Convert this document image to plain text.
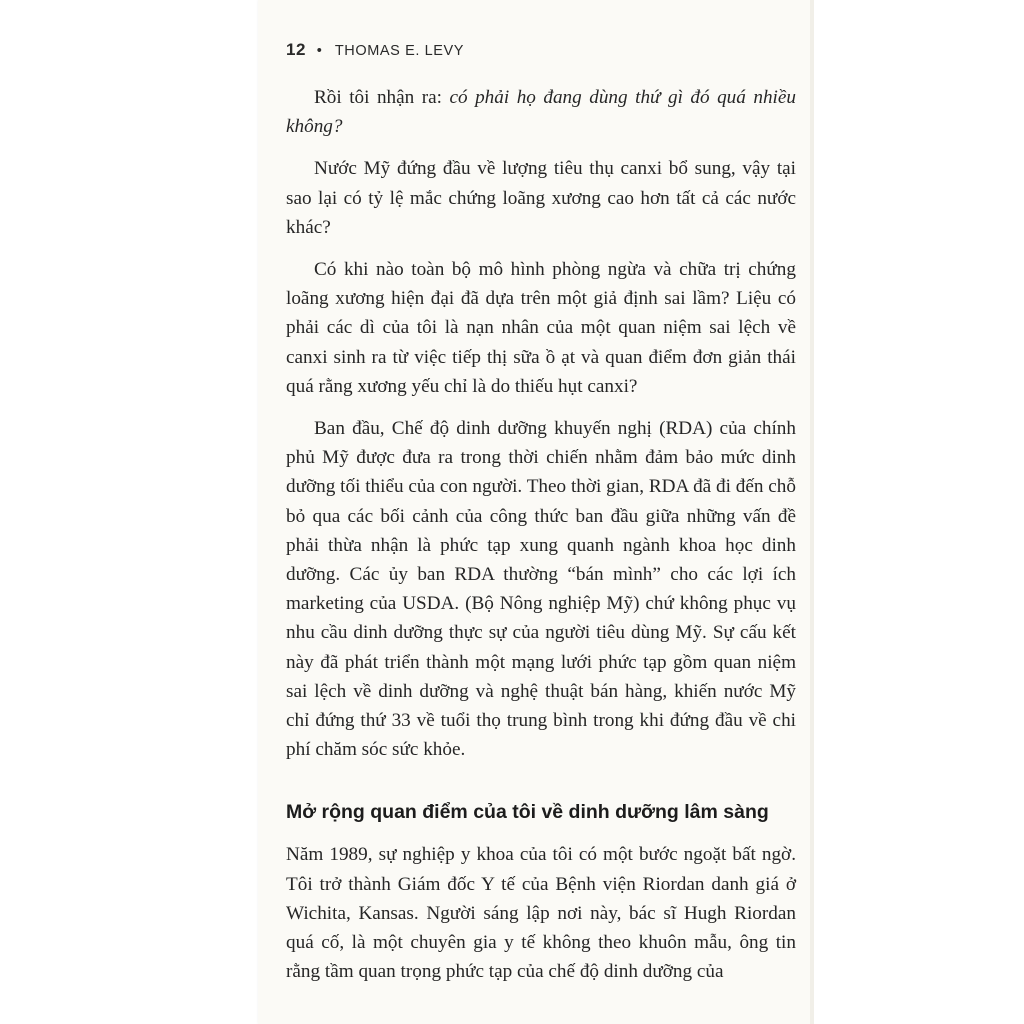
12 • THOMAS E. LEVY

Rồi tôi nhận ra: có phải họ đang dùng thứ gì đó quá nhiều không?

Nước Mỹ đứng đầu về lượng tiêu thụ canxi bổ sung, vậy tại sao lại có tỷ lệ mắc chứng loãng xương cao hơn tất cả các nước khác?

Có khi nào toàn bộ mô hình phòng ngừa và chữa trị chứng loãng xương hiện đại đã dựa trên một giả định sai lầm? Liệu có phải các dì của tôi là nạn nhân của một quan niệm sai lệch về canxi sinh ra từ việc tiếp thị sữa ồ ạt và quan điểm đơn giản thái quá rằng xương yếu chỉ là do thiếu hụt canxi?

Ban đầu, Chế độ dinh dưỡng khuyến nghị (RDA) của chính phủ Mỹ được đưa ra trong thời chiến nhằm đảm bảo mức dinh dưỡng tối thiểu của con người. Theo thời gian, RDA đã đi đến chỗ bỏ qua các bối cảnh của công thức ban đầu giữa những vấn đề phải thừa nhận là phức tạp xung quanh ngành khoa học dinh dưỡng. Các ủy ban RDA thường “bán mình” cho các lợi ích marketing của USDA. (Bộ Nông nghiệp Mỹ) chứ không phục vụ nhu cầu dinh dưỡng thực sự của người tiêu dùng Mỹ. Sự cấu kết này đã phát triển thành một mạng lưới phức tạp gồm quan niệm sai lệch về dinh dưỡng và nghệ thuật bán hàng, khiến nước Mỹ chỉ đứng thứ 33 về tuổi thọ trung bình trong khi đứng đầu về chi phí chăm sóc sức khỏe.

Mở rộng quan điểm của tôi về dinh dưỡng lâm sàng

Năm 1989, sự nghiệp y khoa của tôi có một bước ngoặt bất ngờ. Tôi trở thành Giám đốc Y tế của Bệnh viện Riordan danh giá ở Wichita, Kansas. Người sáng lập nơi này, bác sĩ Hugh Riordan quá cố, là một chuyên gia y tế không theo khuôn mẫu, ông tin rằng tầm quan trọng phức tạp của chế độ dinh dưỡng của
